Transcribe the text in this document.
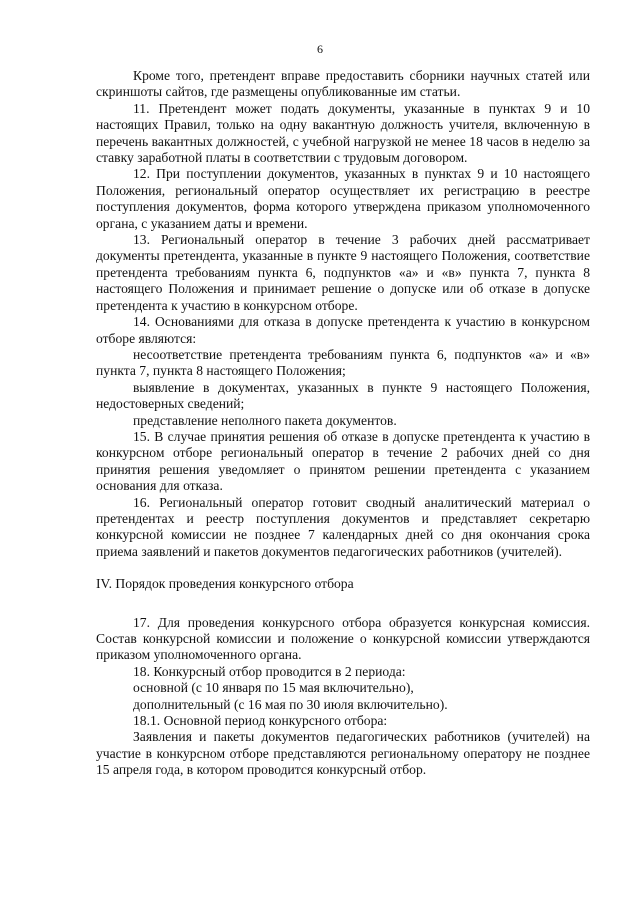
6

Кроме того, претендент вправе предоставить сборники научных статей или скриншоты сайтов, где размещены опубликованные им статьи.

11. Претендент может подать документы, указанные в пунктах 9 и 10 настоящих Правил, только на одну вакантную должность учителя, включенную в перечень вакантных должностей, с учебной нагрузкой не менее 18 часов в неделю за ставку заработной платы в соответствии с трудовым договором.

12. При поступлении документов, указанных в пунктах 9 и 10 настоящего Положения, региональный оператор осуществляет их регистрацию в реестре поступления документов, форма которого утверждена приказом уполномоченного органа, с указанием даты и времени.

13. Региональный оператор в течение 3 рабочих дней рассматривает документы претендента, указанные в пункте 9 настоящего Положения, соответствие претендента требованиям пункта 6, подпунктов «а» и «в» пункта 7, пункта 8 настоящего Положения и принимает решение о допуске или об отказе в допуске претендента к участию в конкурсном отборе.

14. Основаниями для отказа в допуске претендента к участию в конкурсном отборе являются:

несоответствие претендента требованиям пункта 6, подпунктов «а» и «в» пункта 7, пункта 8 настоящего Положения;

выявление в документах, указанных в пункте 9 настоящего Положения, недостоверных сведений;

представление неполного пакета документов.

15. В случае принятия решения об отказе в допуске претендента к участию в конкурсном отборе региональный оператор в течение 2 рабочих дней со дня принятия решения уведомляет о принятом решении претендента с указанием основания для отказа.

16. Региональный оператор готовит сводный аналитический материал о претендентах и реестр поступления документов и представляет секретарю конкурсной комиссии не позднее 7 календарных дней со дня окончания срока приема заявлений и пакетов документов педагогических работников (учителей).

IV. Порядок проведения конкурсного отбора

17. Для проведения конкурсного отбора образуется конкурсная комиссия. Состав конкурсной комиссии и положение о конкурсной комиссии утверждаются приказом уполномоченного органа.

18. Конкурсный отбор проводится в 2 периода:

основной (с 10 января по 15 мая включительно),

дополнительный (с 16 мая по 30 июля включительно).

18.1. Основной период конкурсного отбора:

Заявления и пакеты документов педагогических работников (учителей) на участие в конкурсном отборе представляются региональному оператору не позднее 15 апреля года, в котором проводится конкурсный отбор.
